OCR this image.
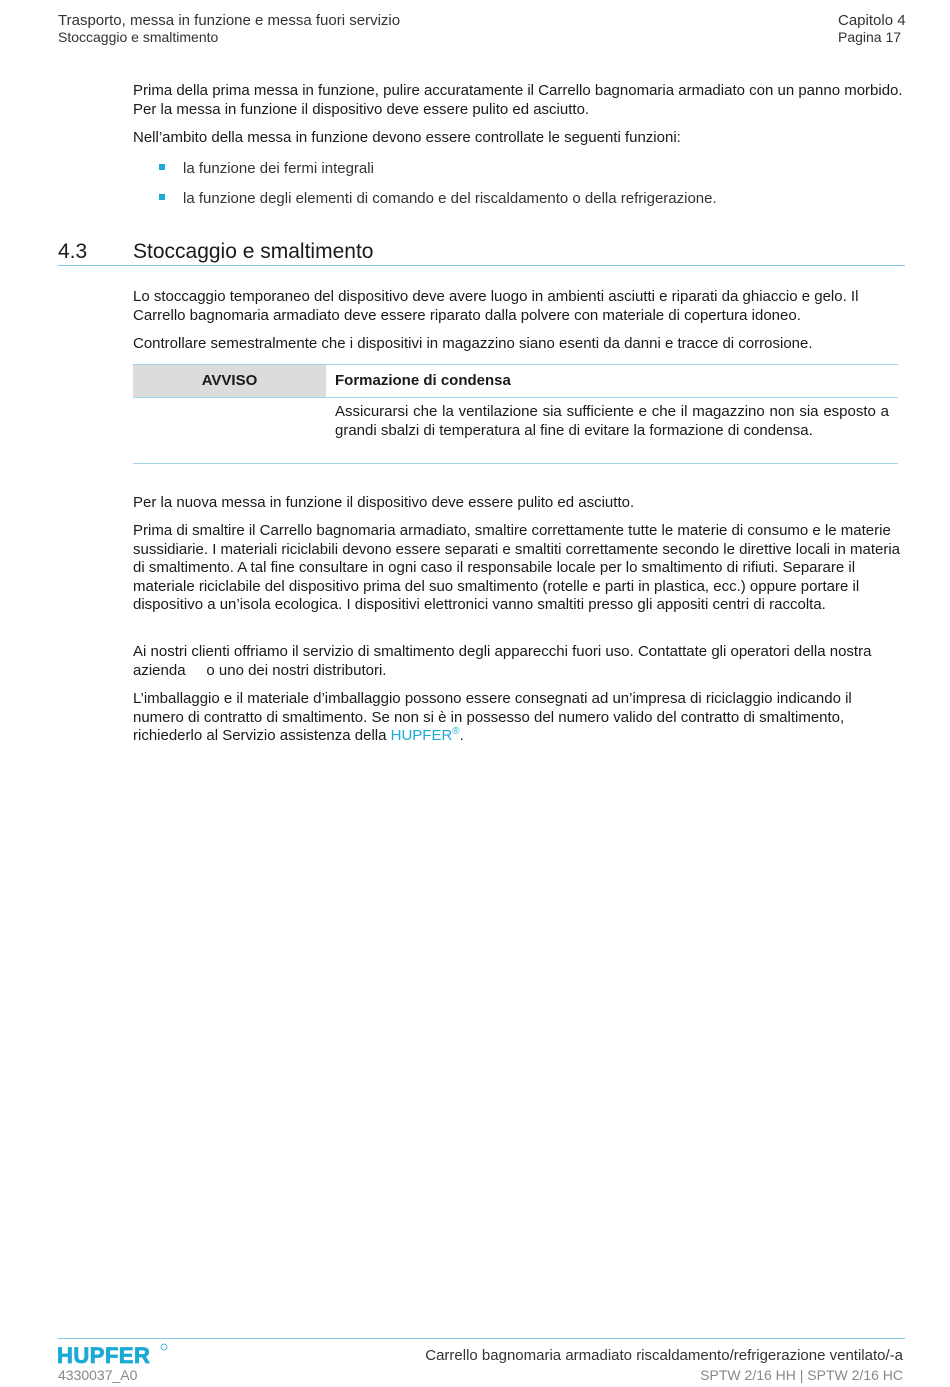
Trasporto, messa in funzione e messa fuori servizio
Stoccaggio e smaltimento
Capitolo 4
Pagina 17

Prima della prima messa in funzione, pulire accuratamente il Carrello bagnomaria armadiato con un panno morbido. Per la messa in funzione il dispositivo deve essere pulito ed asciutto.

Nell’ambito della messa in funzione devono essere controllate le seguenti funzioni:

la funzione dei fermi integrali
la funzione degli elementi di comando e del riscaldamento o della refrigerazione.
4.3 Stoccaggio e smaltimento

Lo stoccaggio temporaneo del dispositivo deve avere luogo in ambienti asciutti e riparati da ghiaccio e gelo. Il Carrello bagnomaria armadiato deve essere riparato dalla polvere con materiale di copertura idoneo.

Controllare semestralmente che i dispositivi in magazzino siano esenti da danni e tracce di corrosione.

AVVISO	Formazione di condensa

Assicurarsi che la ventilazione sia sufficiente e che il magazzino non sia esposto a grandi sbalzi di temperatura al fine di evitare la formazione di condensa.

Per la nuova messa in funzione il dispositivo deve essere pulito ed asciutto.

Prima di smaltire il Carrello bagnomaria armadiato, smaltire correttamente tutte le materie di consumo e le materie sussidiarie. I materiali riciclabili devono essere separati e smaltiti correttamente secondo le direttive locali in materia di smaltimento. A tal fine consultare in ogni caso il responsabile locale per lo smaltimento di rifiuti. Separare il materiale riciclabile del dispositivo prima del suo smaltimento (rotelle e parti in plastica, ecc.) oppure portare il dispositivo a un’isola ecologica. I dispositivi elettronici vanno smaltiti presso gli appositi centri di raccolta.

Ai nostri clienti offriamo il servizio di smaltimento degli apparecchi fuori uso. Contattate gli operatori della nostra azienda     o uno dei nostri distributori.

L’imballaggio e il materiale d’imballaggio possono essere consegnati ad un’impresa di riciclaggio indicando il numero di contratto di smaltimento. Se non si è in possesso del numero valido del contratto di smaltimento, richiederlo al Servizio assistenza della HUPFER®.

HUPFER
4330037_A0
Carrello bagnomaria armadiato riscaldamento/refrigerazione ventilato/-a
SPTW 2/16 HH | SPTW 2/16 HC
